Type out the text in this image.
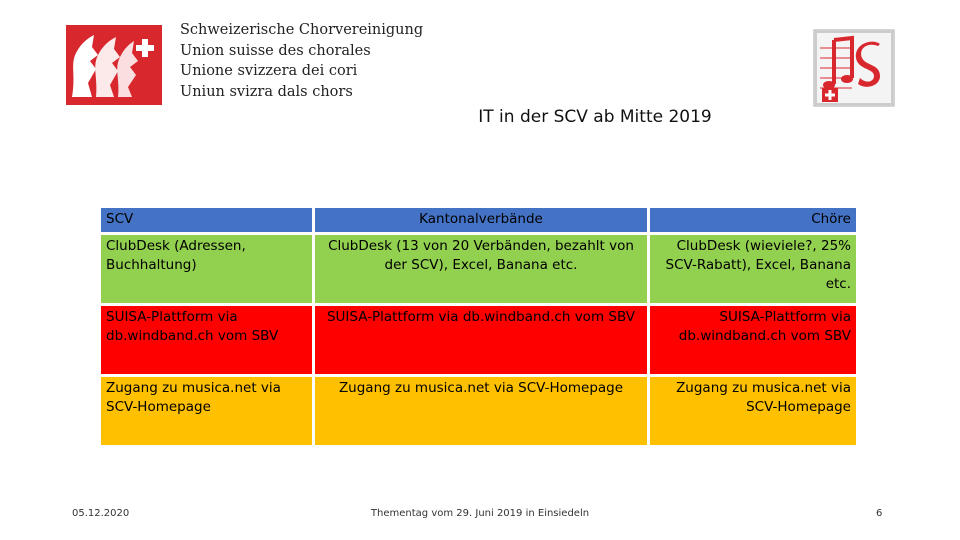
Schweizerische Chorvereinigung
Union suisse des chorales
Unione svizzera dei cori
Uniun svizra dals chors
IT in der SCV ab Mitte 2019
SCV	Kantonalverbände	Chöre
ClubDesk (Adressen, Buchhaltung)	ClubDesk (13 von 20 Verbänden, bezahlt von der SCV), Excel, Banana etc.	ClubDesk (wieviele?, 25% SCV-Rabatt), Excel, Banana etc.
SUISA-Plattform via db.windband.ch vom SBV	SUISA-Plattform via db.windband.ch vom SBV	SUISA-Plattform via db.windband.ch vom SBV
Zugang zu musica.net via SCV-Homepage	Zugang zu musica.net via SCV-Homepage	Zugang zu musica.net via SCV-Homepage
05.12.2020	Thementag vom 29. Juni 2019 in Einsiedeln	6
